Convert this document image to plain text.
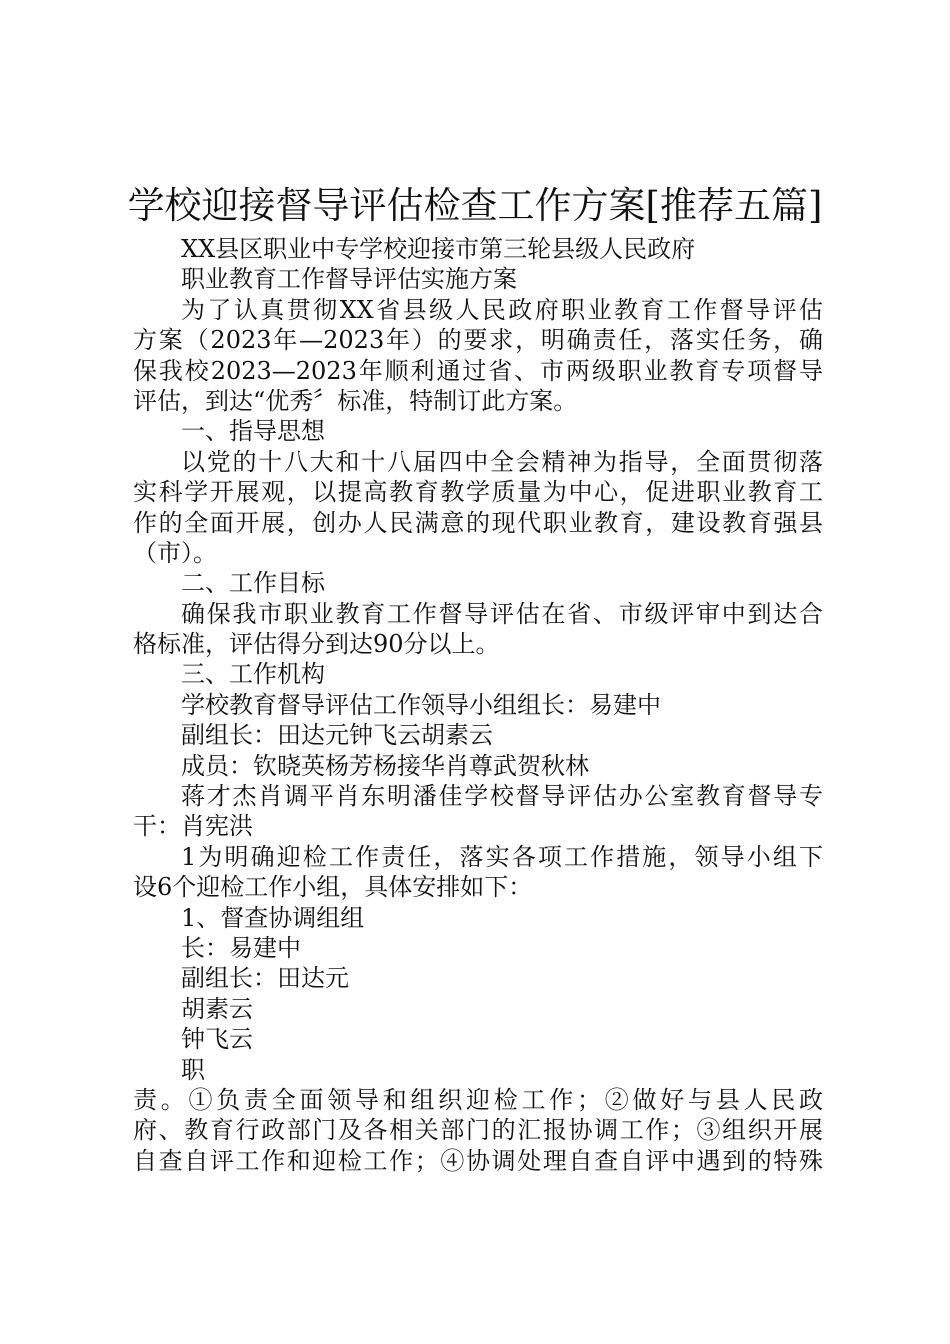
学校迎接督导评估检查工作方案[推荐五篇]
XX县区职业中专学校迎接市第三轮县级人民政府
职业教育工作督导评估实施方案
为了认真贯彻XX省县级人民政府职业教育工作督导评估
方案（2023年—2023年）的要求，明确责任，落实任务，确
保我校2023—2023年顺利通过省、市两级职业教育专项督导
评估，到达“优秀〞标准，特制订此方案。
一、指导思想
以党的十八大和十八届四中全会精神为指导，全面贯彻落
实科学开展观，以提高教育教学质量为中心，促进职业教育工
作的全面开展，创办人民满意的现代职业教育，建设教育强县
（市）。
二、工作目标
确保我市职业教育工作督导评估在省、市级评审中到达合
格标准，评估得分到达90分以上。
三、工作机构
学校教育督导评估工作领导小组组长：易建中
副组长：田达元钟飞云胡素云
成员：钦晓英杨芳杨接华肖尊武贺秋林
蒋才杰肖调平肖东明潘佳学校督导评估办公室教育督导专
干：肖宪洪
1为明确迎检工作责任，落实各项工作措施，领导小组下
设6个迎检工作小组，具体安排如下：
1、督查协调组组
长：易建中
副组长：田达元
胡素云
钟飞云
职
责。①负责全面领导和组织迎检工作；②做好与县人民政
府、教育行政部门及各相关部门的汇报协调工作；③组织开展
自查自评工作和迎检工作；④协调处理自查自评中遇到的特殊
